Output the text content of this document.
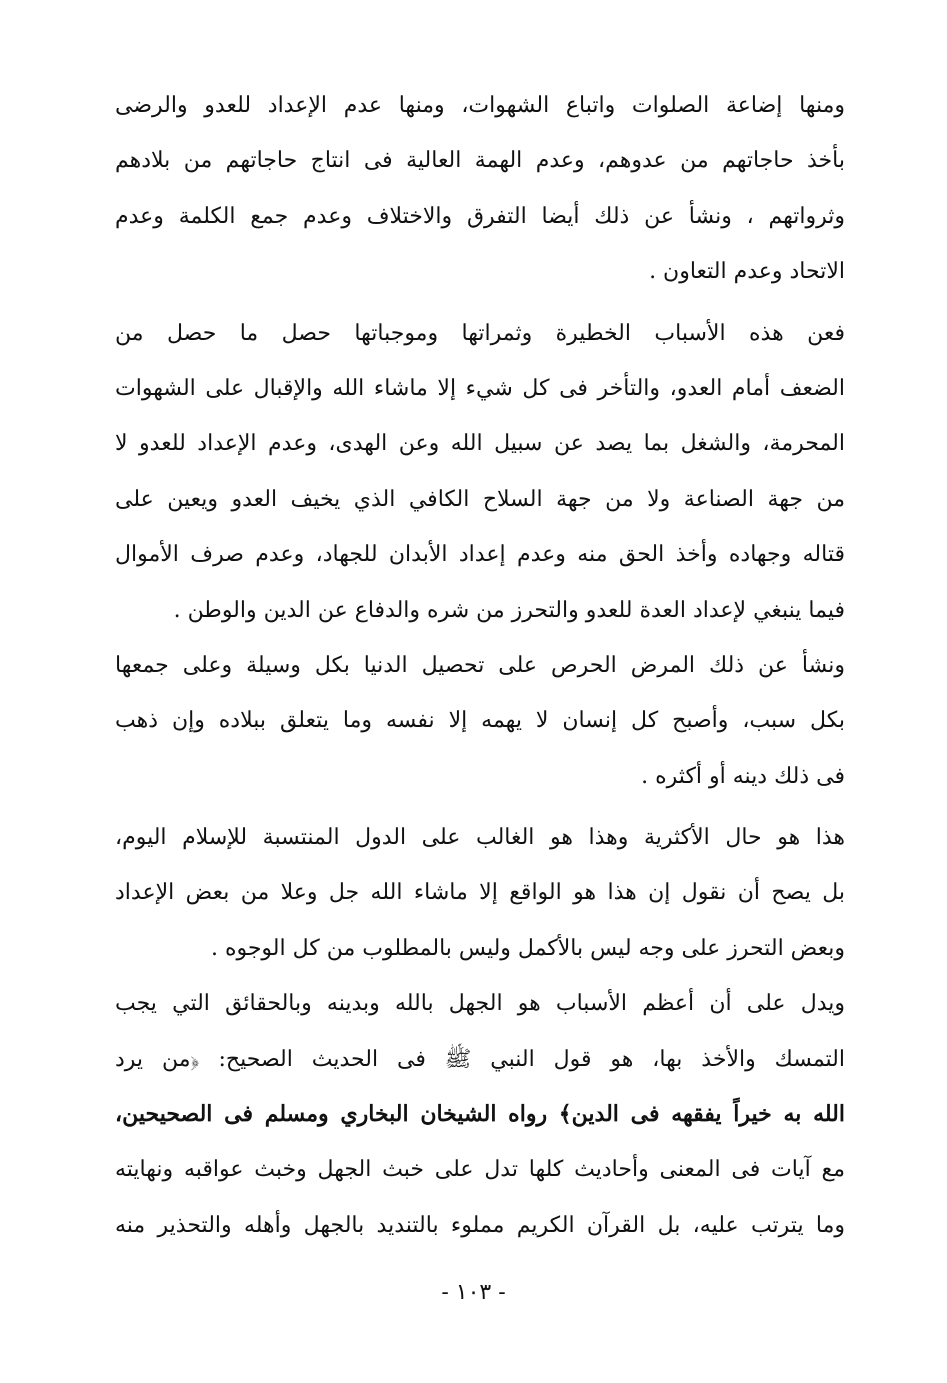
ومنها إضاعة الصلوات واتباع الشهوات، ومنها عدم الإعداد للعدو والرضى
بأخذ حاجاتهم من عدوهم، وعدم الهمة العالية فى انتاج حاجاتهم من بلادهم
وثرواتهم ، ونشأ عن ذلك أيضا التفرق والاختلاف وعدم جمع الكلمة وعدم
الاتحاد وعدم التعاون .

فعن هذه الأسباب الخطيرة وثمراتها وموجباتها حصل ما حصل من
الضعف أمام العدو، والتأخر فى كل شيء إلا ماشاء الله والإقبال على الشهوات
المحرمة، والشغل بما يصد عن سبيل الله وعن الهدى، وعدم الإعداد للعدو لا
من جهة الصناعة ولا من جهة السلاح الكافي الذي يخيف العدو ويعين على
قتاله وجهاده وأخذ الحق منه وعدم إعداد الأبدان للجهاد، وعدم صرف الأموال
فيما ينبغي لإعداد العدة للعدو والتحرز من شره والدفاع عن الدين والوطن .

ونشأ عن ذلك المرض الحرص على تحصيل الدنيا بكل وسيلة وعلى جمعها
بكل سبب، وأصبح كل إنسان لا يهمه إلا نفسه وما يتعلق ببلاده وإن ذهب
فى ذلك دينه أو أكثره .

هذا هو حال الأكثرية وهذا هو الغالب على الدول المنتسبة للإسلام اليوم،
بل يصح أن نقول إن هذا هو الواقع إلا ماشاء الله جل وعلا من بعض الإعداد
وبعض التحرز على وجه ليس بالأكمل وليس بالمطلوب من كل الوجوه .

ويدل على أن أعظم الأسباب هو الجهل بالله وبدينه وبالحقائق التي يجب
التمسك والأخذ بها، هو قول النبي ﷺ فى الحديث الصحيح: ﴿من يرد
الله به خيراً يفقهه فى الدين﴾ رواه الشيخان البخاري ومسلم فى الصحيحين،
مع آيات فى المعنى وأحاديث كلها تدل على خبث الجهل وخبث عواقبه ونهايته
وما يترتب عليه، بل القرآن الكريم مملوء بالتنديد بالجهل وأهله والتحذير منه

- ١٠٣ -
